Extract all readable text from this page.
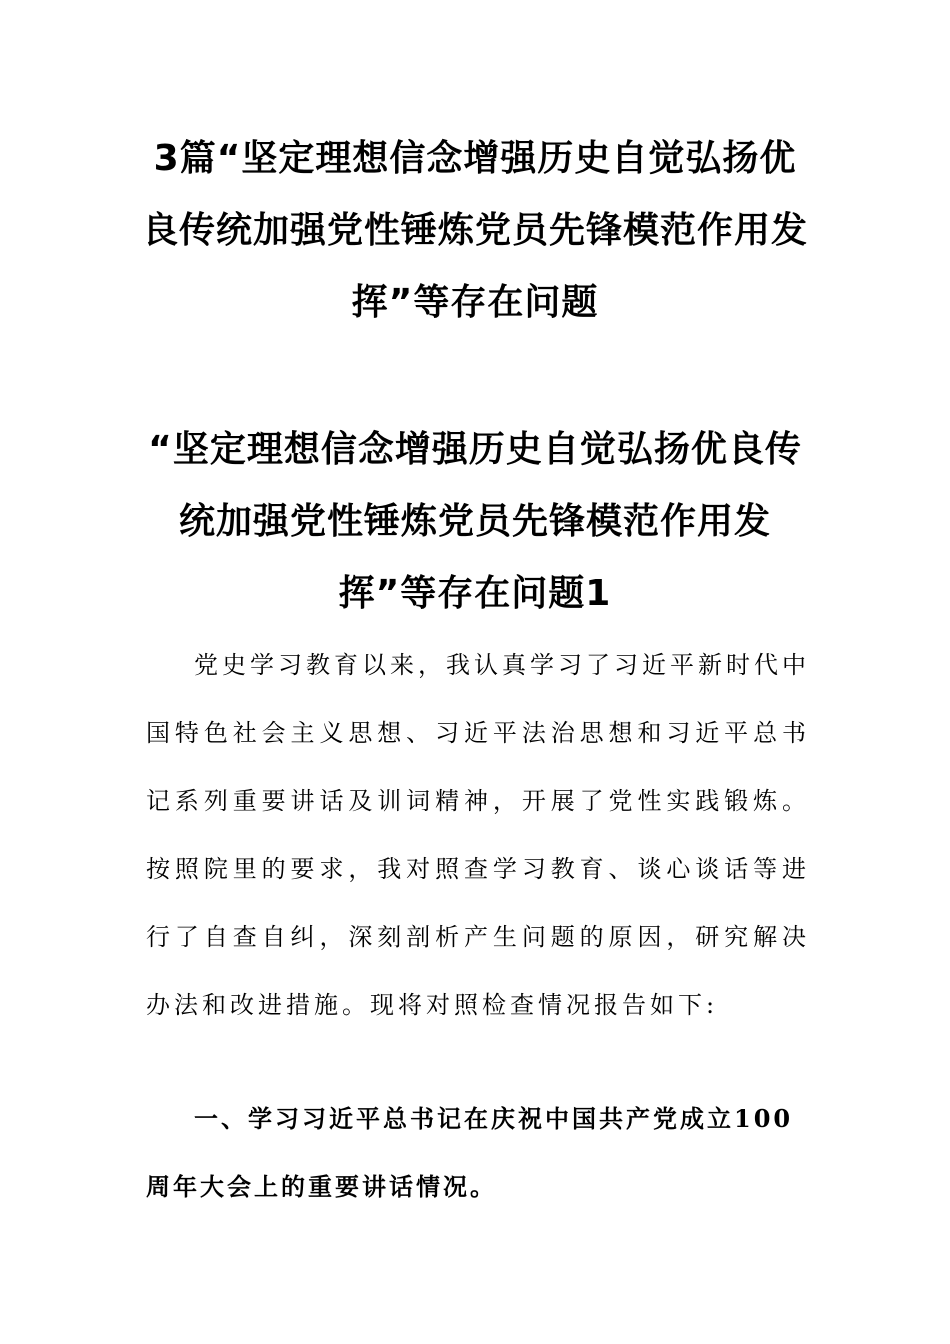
3篇“坚定理想信念增强历史自觉弘扬优良传统加强党性锤炼党员先锋模范作用发挥”等存在问题
“坚定理想信念增强历史自觉弘扬优良传统加强党性锤炼党员先锋模范作用发挥”等存在问题1

党史学习教育以来，我认真学习了习近平新时代中国特色社会主义思想、习近平法治思想和习近平总书记系列重要讲话及训词精神，开展了党性实践锻炼。按照院里的要求，我对照查学习教育、谈心谈话等进行了自查自纠，深刻剖析产生问题的原因，研究解决办法和改进措施。现将对照检查情况报告如下:

一、学习习近平总书记在庆祝中国共产党成立100周年大会上的重要讲话情况。
